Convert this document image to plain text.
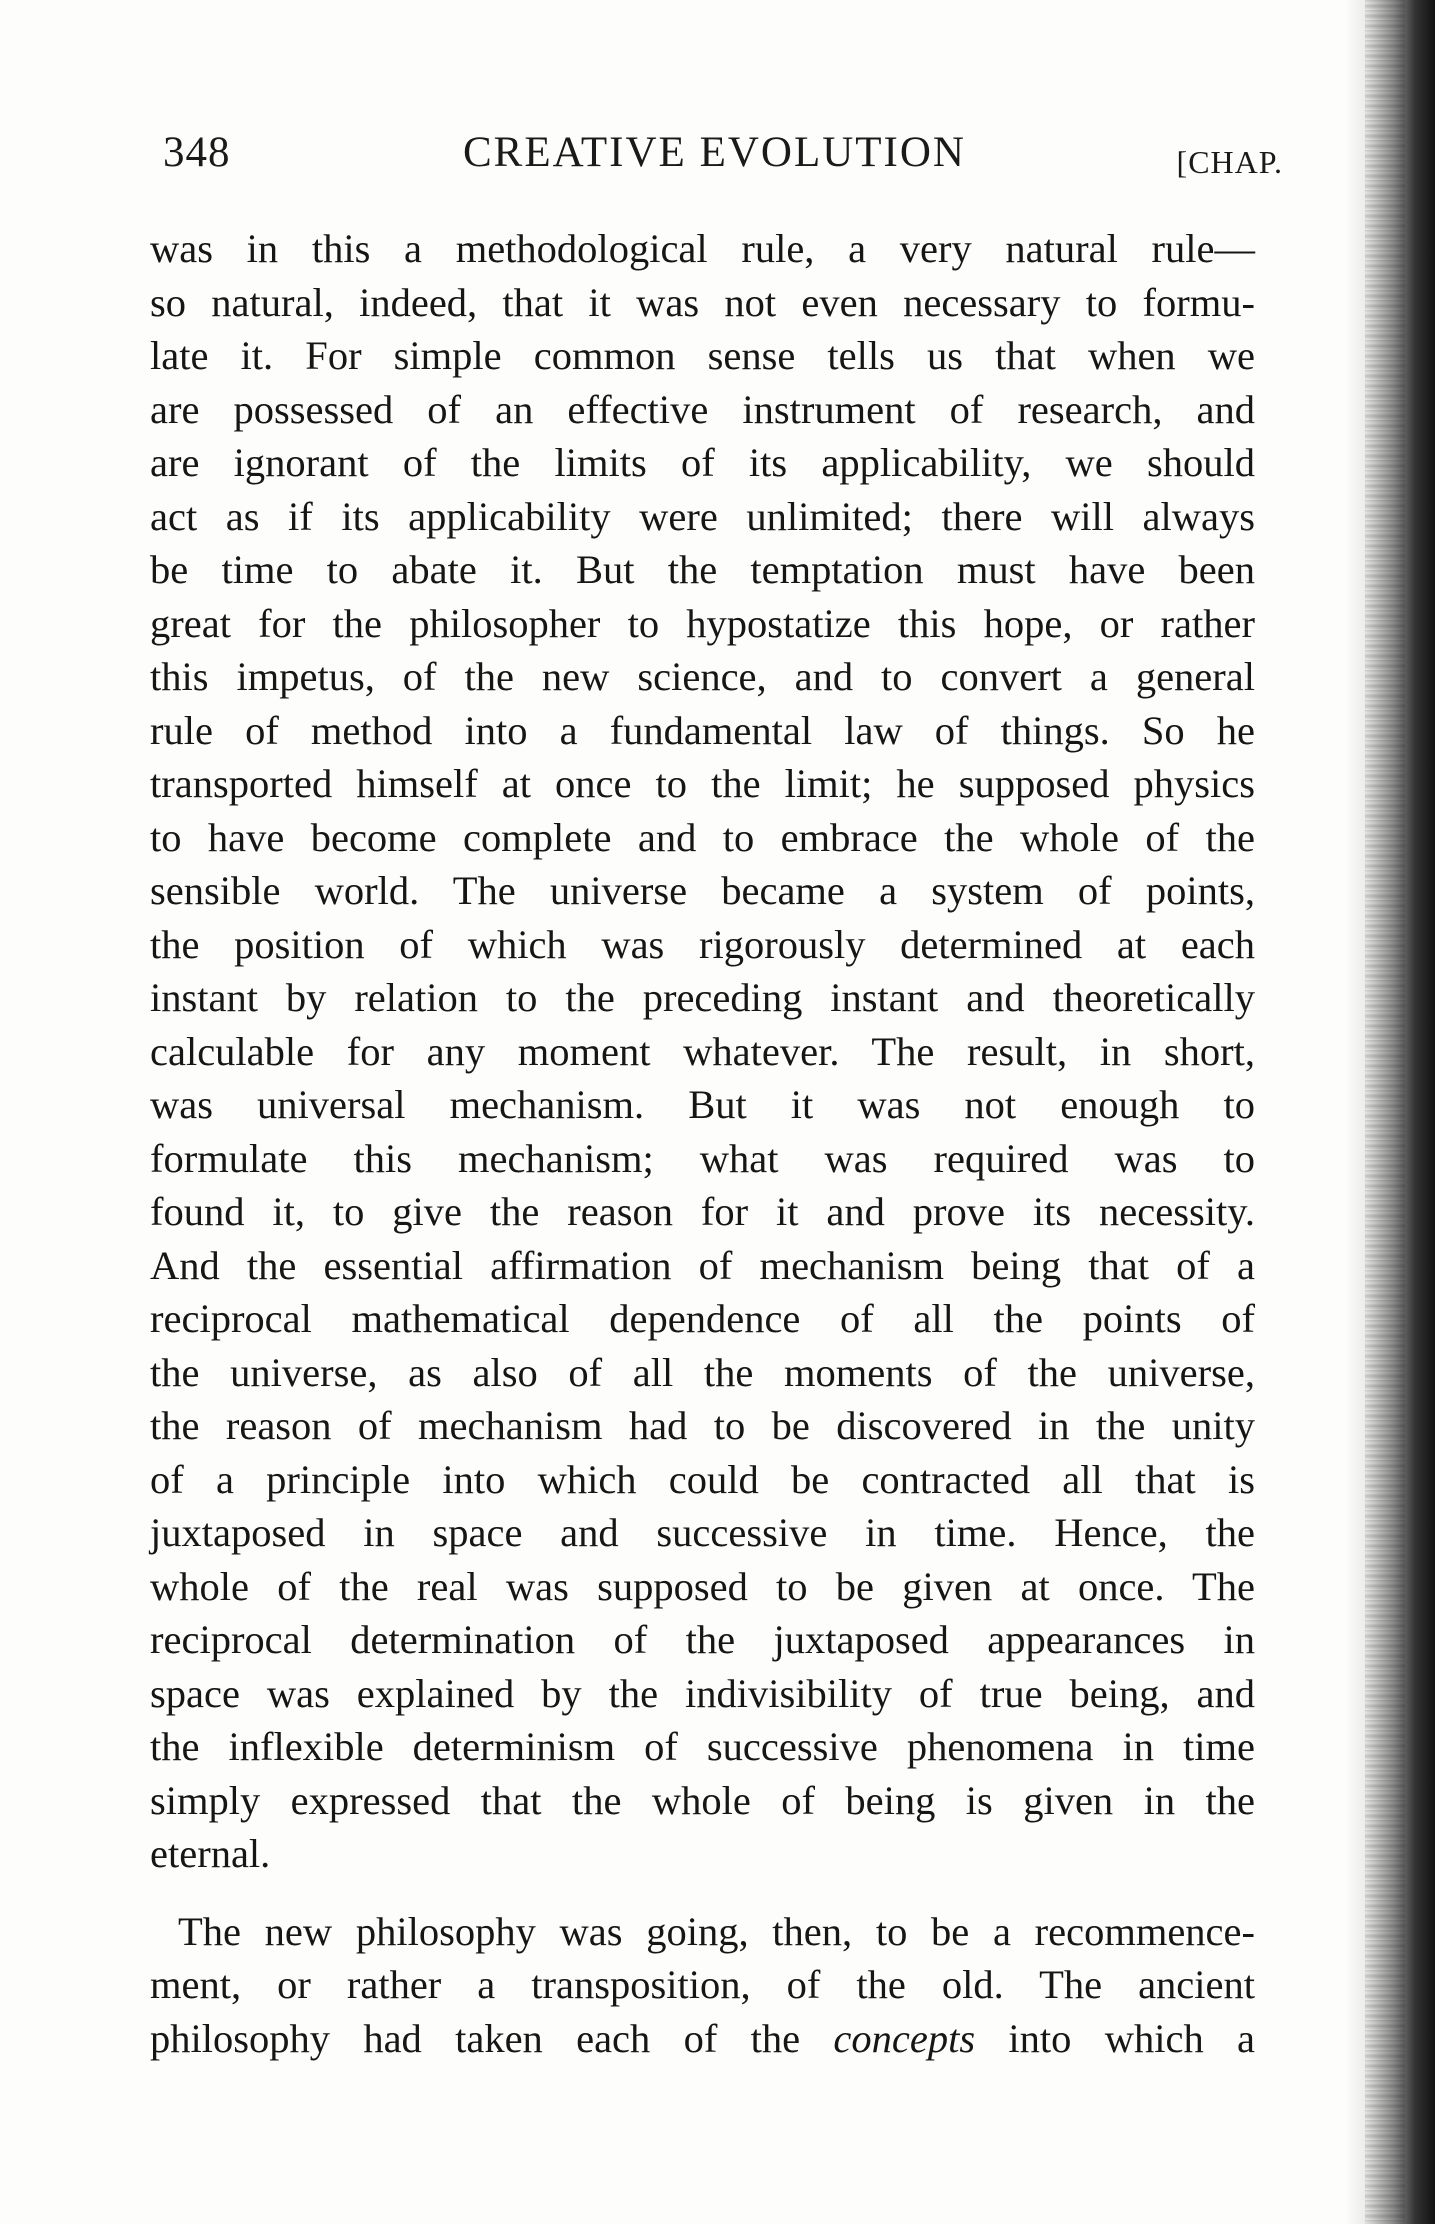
348	CREATIVE EVOLUTION	[CHAP.
was in this a methodological rule, a very natural rule—
so natural, indeed, that it was not even necessary to formu-
late it. For simple common sense tells us that when we
are possessed of an effective instrument of research, and
are ignorant of the limits of its applicability, we should
act as if its applicability were unlimited; there will always
be time to abate it. But the temptation must have been
great for the philosopher to hypostatize this hope, or rather
this impetus, of the new science, and to convert a general
rule of method into a fundamental law of things. So he
transported himself at once to the limit; he supposed physics
to have become complete and to embrace the whole of the
sensible world. The universe became a system of points,
the position of which was rigorously determined at each
instant by relation to the preceding instant and theoretically
calculable for any moment whatever. The result, in short,
was universal mechanism. But it was not enough to
formulate this mechanism; what was required was to
found it, to give the reason for it and prove its necessity.
And the essential affirmation of mechanism being that of a
reciprocal mathematical dependence of all the points of
the universe, as also of all the moments of the universe,
the reason of mechanism had to be discovered in the unity
of a principle into which could be contracted all that is
juxtaposed in space and successive in time. Hence, the
whole of the real was supposed to be given at once. The
reciprocal determination of the juxtaposed appearances in
space was explained by the indivisibility of true being, and
the inflexible determinism of successive phenomena in time
simply expressed that the whole of being is given in the
eternal.
The new philosophy was going, then, to be a recommence-
ment, or rather a transposition, of the old. The ancient
philosophy had taken each of the concepts into which a
